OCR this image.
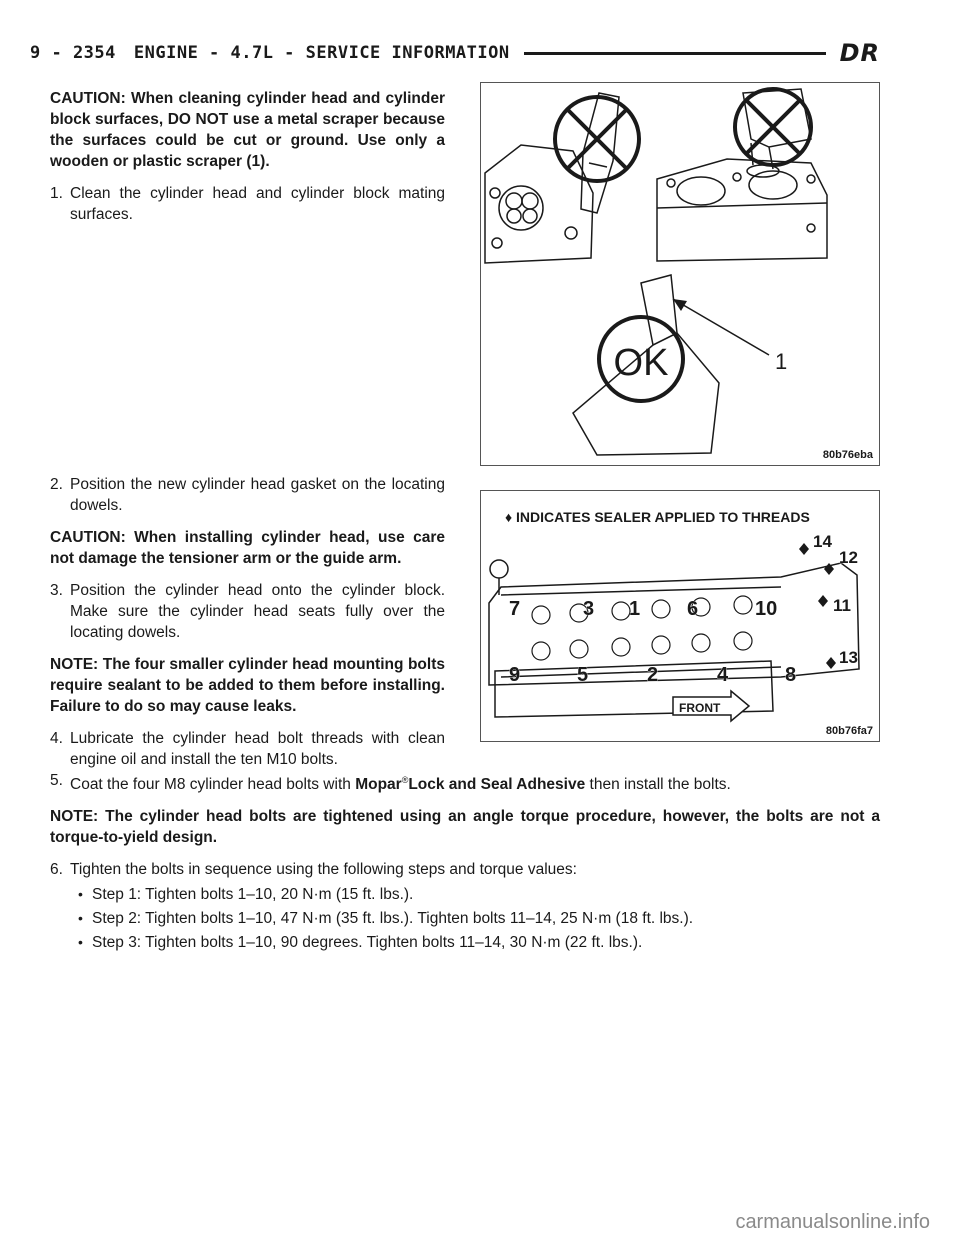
9 - 2354 ENGINE - 4.7L - SERVICE INFORMATION	DR

CAUTION: When cleaning cylinder head and cylinder block surfaces, DO NOT use a metal scraper because the surfaces could be cut or ground. Use only a wooden or plastic scraper (1).

1. Clean the cylinder head and cylinder block mating surfaces.

2. Position the new cylinder head gasket on the locating dowels.

CAUTION: When installing cylinder head, use care not damage the tensioner arm or the guide arm.

3. Position the cylinder head onto the cylinder block. Make sure the cylinder head seats fully over the locating dowels.

NOTE: The four smaller cylinder head mounting bolts require sealant to be added to them before installing. Failure to do so may cause leaks.

4. Lubricate the cylinder head bolt threads with clean engine oil and install the ten M10 bolts.

5. Coat the four M8 cylinder head bolts with Mopar®Lock and Seal Adhesive then install the bolts.

NOTE: The cylinder head bolts are tightened using an angle torque procedure, however, the bolts are not a torque-to-yield design.

6. Tighten the bolts in sequence using the following steps and torque values:

• Step 1: Tighten bolts 1–10, 20 N·m (15 ft. lbs.).
• Step 2: Tighten bolts 1–10, 47 N·m (35 ft. lbs.). Tighten bolts 11–14, 25 N·m (18 ft. lbs.).
• Step 3: Tighten bolts 1–10, 90 degrees. Tighten bolts 11–14, 30 N·m (22 ft. lbs.).
OK	1
80b76eba
♦ INDICATES SEALER APPLIED TO THREADS
7	3 1 6	10
9	5	2	4	8
14
12
11
13
FRONT
80b76fa7
carmanualsonline.info
